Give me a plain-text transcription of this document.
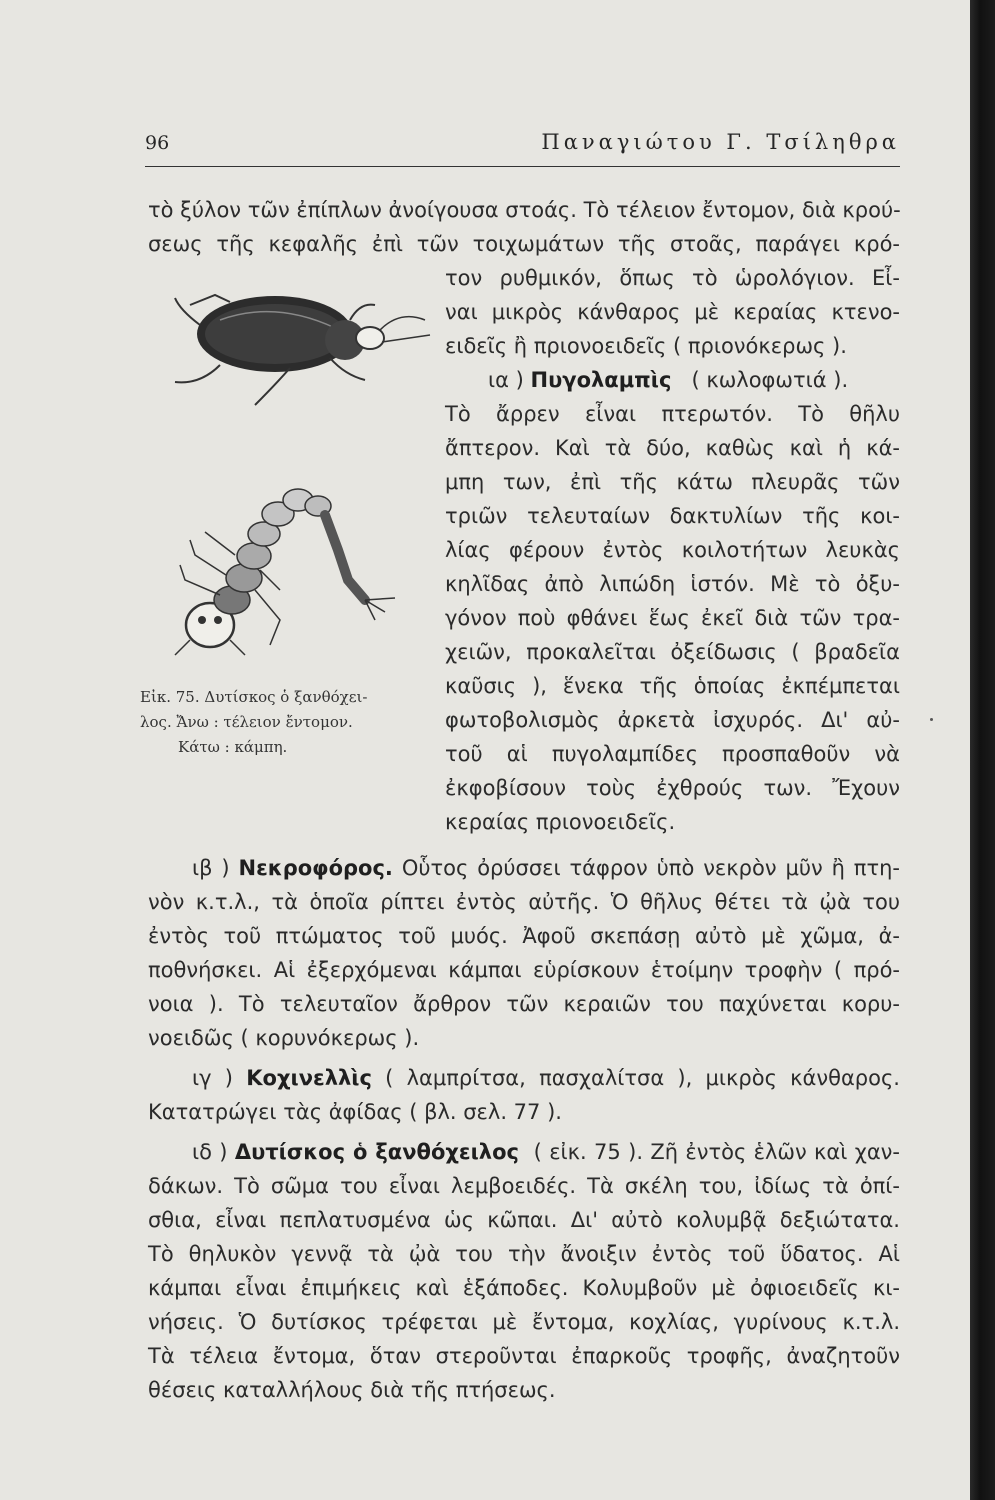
96	Παναγιώτου Γ. Τσίληθρα
τὸ ξύλον τῶν ἐπίπλων ἀνοίγουσα στοάς. Τὸ τέλειον ἔντομον, διὰ κρού-
σεως τῆς κεφαλῆς ἐπὶ τῶν τοιχωμάτων τῆς στοᾶς, παράγει κρό-
τον ρυθμικόν, ὅπως τὸ ὡρολόγιον. Εἶ-
ναι μικρὸς κάνθαρος μὲ κεραίας κτενο-
ειδεῖς ἢ πριονοειδεῖς ( πριονόκερως ).
ια ) Πυγολαμπὶς ( κωλοφωτιά ).
Τὸ ἄρρεν εἶναι πτερωτόν. Τὸ θῆλυ
ἄπτερον. Καὶ τὰ δύο, καθὼς καὶ ἡ κά-
μπη των, ἐπὶ τῆς κάτω πλευρᾶς τῶν
τριῶν τελευταίων δακτυλίων τῆς κοι-
λίας φέρουν ἐντὸς κοιλοτήτων λευκὰς
κηλῖδας ἀπὸ λιπώδη ἱστόν. Μὲ τὸ ὀξυ-
γόνον ποὺ φθάνει ἕως ἐκεῖ διὰ τῶν τρα-
χειῶν, προκαλεῖται ὀξείδωσις ( βραδεῖα
καῦσις ), ἕνεκα τῆς ὁποίας ἐκπέμπεται
φωτοβολισμὸς ἀρκετὰ ἰσχυρός. Δι' αὐ-
τοῦ αἱ πυγολαμπίδες προσπαθοῦν νὰ
ἐκφοβίσουν τοὺς ἐχθρούς των. Ἔχουν
κεραίας πριονοειδεῖς.
ιβ ) Νεκροφόρος. Οὗτος ὀρύσσει τάφρον ὑπὸ νεκρὸν μῦν ἢ πτη-
νὸν κ.τ.λ., τὰ ὁποῖα ρίπτει ἐντὸς αὐτῆς. Ὁ θῆλυς θέτει τὰ ᾠὰ του
ἐντὸς τοῦ πτώματος τοῦ μυός. Ἀφοῦ σκεπάσῃ αὐτὸ μὲ χῶμα, ἀ-
ποθνήσκει. Αἱ ἐξερχόμεναι κάμπαι εὑρίσκουν ἑτοίμην τροφὴν ( πρό-
νοια ). Τὸ τελευταῖον ἄρθρον τῶν κεραιῶν του παχύνεται κορυ-
νοειδῶς ( κορυνόκερως ).
ιγ ) Κοχινελλὶς ( λαμπρίτσα, πασχαλίτσα ), μικρὸς κάνθαρος.
Κατατρώγει τὰς ἀφίδας ( βλ. σελ. 77 ).
ιδ ) Δυτίσκος ὁ ξανθόχειλος ( εἰκ. 75 ). Ζῆ ἐντὸς ἑλῶν καὶ χαν-
δάκων. Τὸ σῶμα του εἶναι λεμβοειδές. Τὰ σκέλη του, ἰδίως τὰ ὀπί-
σθια, εἶναι πεπλατυσμένα ὡς κῶπαι. Δι' αὐτὸ κολυμβᾷ δεξιώτατα.
Τὸ θηλυκὸν γεννᾷ τὰ ᾠὰ του τὴν ἄνοιξιν ἐντὸς τοῦ ὕδατος. Αἱ
κάμπαι εἶναι ἐπιμήκεις καὶ ἑξάποδες. Κολυμβοῦν μὲ ὀφιοειδεῖς κι-
νήσεις. Ὁ δυτίσκος τρέφεται μὲ ἔντομα, κοχλίας, γυρίνους κ.τ.λ.
Τὰ τέλεια ἔντομα, ὅταν στεροῦνται ἐπαρκοῦς τροφῆς, ἀναζητοῦν
θέσεις καταλλήλους διὰ τῆς πτήσεως.
Εἰκ. 75. Δυτίσκος ὁ ξανθόχει-
λος. Ἄνω : τέλειον ἔντομον.
Κάτω : κάμπη.
